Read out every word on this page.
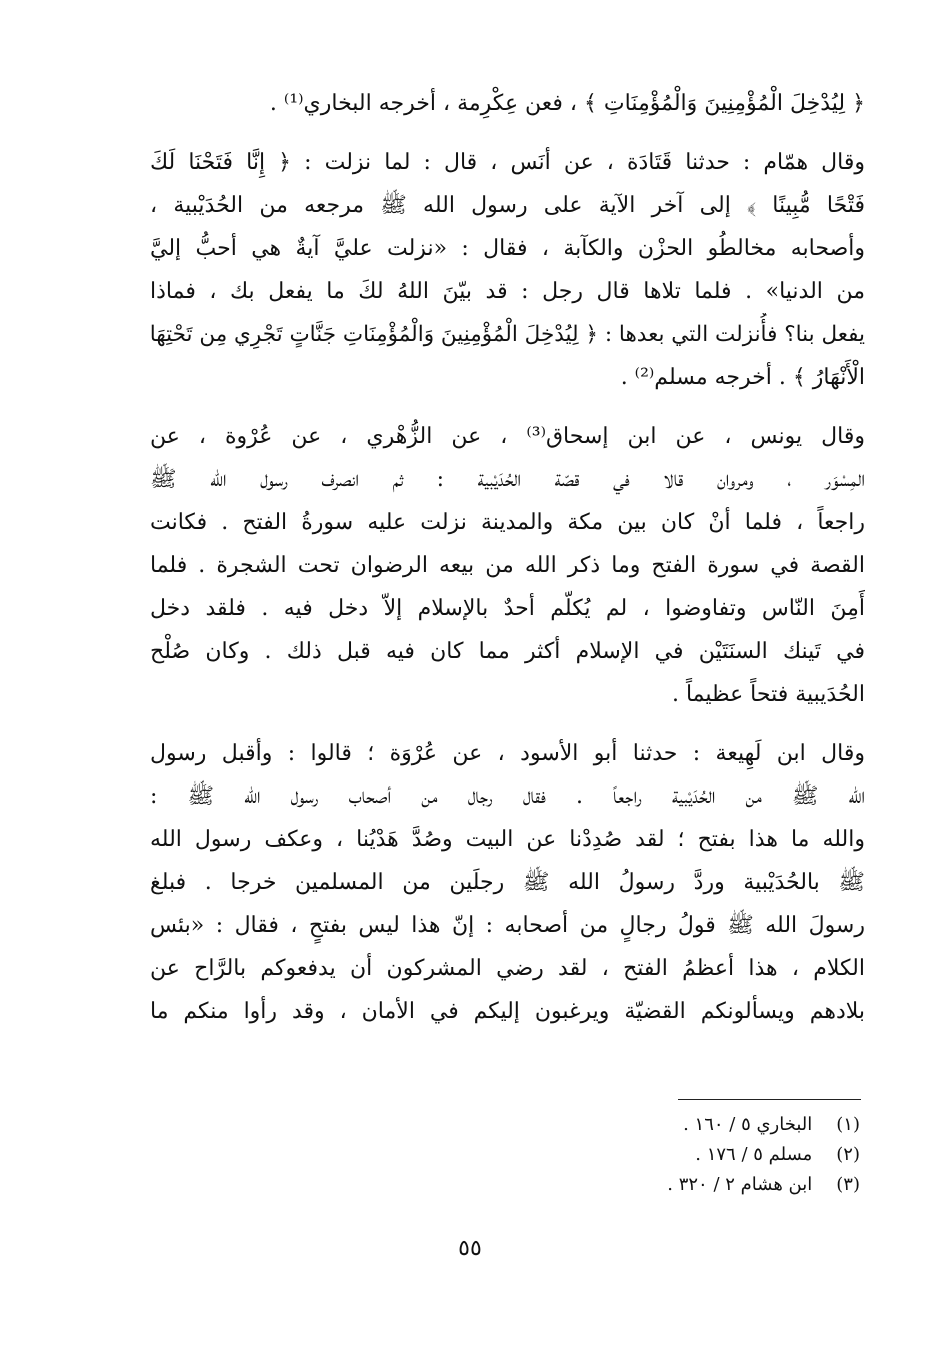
﴿ لِيُدْخِلَ الْمُؤْمِنِينَ وَالْمُؤْمِنَاتِ ﴾ ، فعن عِكْرِمة ، أخرجه البخاري⁽¹⁾ .
وقال همّام : حدثنا قَتَادَة ، عن أنَس ، قال : لما نزلت : ﴿ إِنَّا فَتَحْنَا لَكَ
فَتْحًا مُّبِينًا ﴾ إلى آخر الآية على رسول الله ﷺ مرجعه من الحُدَيْبية ،
وأصحابه مخالطُو الحزْن والكآبة ، فقال : «نزلت عليَّ آيةٌ هي أحبُّ إليَّ
من الدنيا» . فلما تلاها قال رجل : قد بيّنَ اللهُ لكَ ما يفعل بك ، فماذا
يفعل بنا؟ فأُنزلت التي بعدها : ﴿ لِيُدْخِلَ الْمُؤْمِنِينَ وَالْمُؤْمِنَاتِ جَنَّاتٍ تَجْرِي مِن تَحْتِهَا
الْأَنْهَارُ ﴾ . أخرجه مسلم⁽²⁾ .
وقال يونس ، عن ابن إسحاق⁽³⁾ ، عن الزُّهْري ، عن عُرْوة ، عن
المِسْوَر ، ومروان قالا في قصّة الحُدَيْبية : ثم انصرف رسول الله ﷺ
راجعاً ، فلما أنْ كان بين مكة والمدينة نزلت عليه سورةُ الفتح . فكانت
القصة في سورة الفتح وما ذكر الله من بيعه الرضوان تحت الشجرة . فلما
أَمِنَ النّاس وتفاوضوا ، لم يُكلّم أحدٌ بالإسلام إلاّ دخل فيه . فلقد دخل
في تَينك السنَتَيْن في الإسلام أكثر مما كان فيه قبل ذلك . وكان صُلْح
الحُدَيبية فتحاً عظيماً .
وقال ابن لَهِيعة : حدثنا أبو الأسود ، عن عُرْوَة ؛ قالوا : وأقبل رسول
الله ﷺ من الحُدَيْبية راجعاً . فقال رجال من أصحاب رسول الله ﷺ :
والله ما هذا بفتح ؛ لقد صُدِدْنا عن البيت وصُدَّ هَدْيُنا ، وعكف رسول الله
ﷺ بالحُدَيْبية وردَّ رسولُ الله ﷺ رجلَين من المسلمين خرجا . فبلغ
رسولَ الله ﷺ قولُ رجالٍ من أصحابه : إنّ هذا ليس بفتحٍ ، فقال : «بئس
الكلام ، هذا أعظمُ الفتح ، لقد رضي المشركون أن يدفعوكم بالرَّاح عن
بلادهم ويسألونكم القضيّة ويرغبون إليكم في الأمان ، وقد رأوا منكم ما
(١) البخاري ٥ / ١٦٠ .
(٢) مسلم ٥ / ١٧٦ .
(٣) ابن هشام ٢ / ٣٢٠ .
٥٥
